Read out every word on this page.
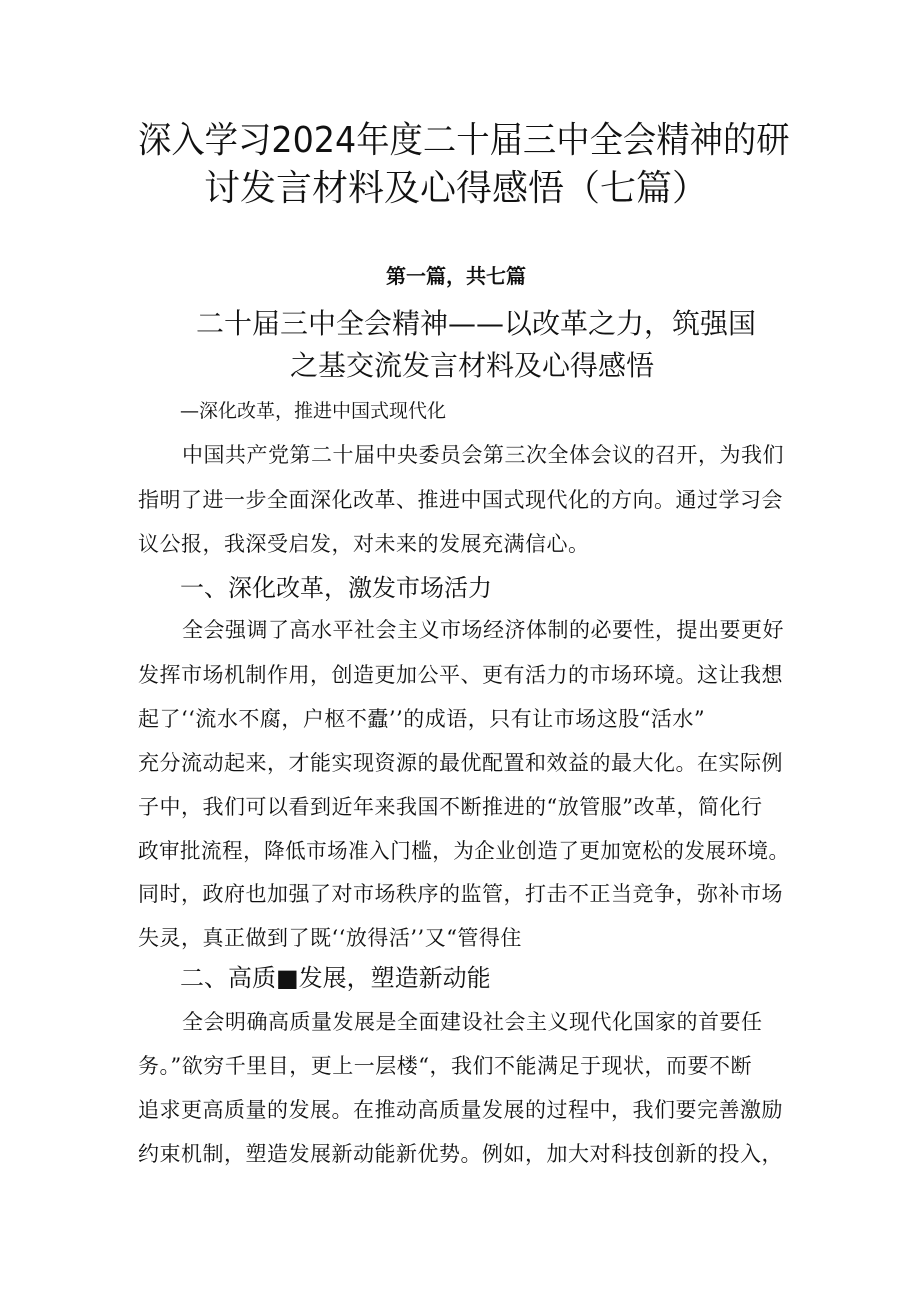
深入学习2024年度二十届三中全会精神的研
讨发言材料及心得感悟（七篇）
第一篇，共七篇
二十届三中全会精神——以改革之力，筑强国
之基交流发言材料及心得感悟
—深化改革，推进中国式现代化
中国共产党第二十届中央委员会第三次全体会议的召开，为我们
指明了进一步全面深化改革、推进中国式现代化的方向。通过学习会
议公报，我深受启发，对未来的发展充满信心。
一、深化改革，激发市场活力
全会强调了高水平社会主义市场经济体制的必要性，提出要更好
发挥市场机制作用，创造更加公平、更有活力的市场环境。这让我想
起了‘‘流水不腐，户枢不蠹’’的成语，只有让市场这股“活水”
充分流动起来，才能实现资源的最优配置和效益的最大化。在实际例
子中，我们可以看到近年来我国不断推进的“放管服”改革，简化行
政审批流程，降低市场准入门槛，为企业创造了更加宽松的发展环境。
同时，政府也加强了对市场秩序的监管，打击不正当竞争，弥补市场
失灵，真正做到了既‘‘放得活’’又“管得住
二、高质■发展，塑造新动能
全会明确高质量发展是全面建设社会主义现代化国家的首要任
务。”欲穷千里目，更上一层楼“，我们不能满足于现状，而要不断
追求更高质量的发展。在推动高质量发展的过程中，我们要完善激励
约束机制，塑造发展新动能新优势。例如，加大对科技创新的投入，
